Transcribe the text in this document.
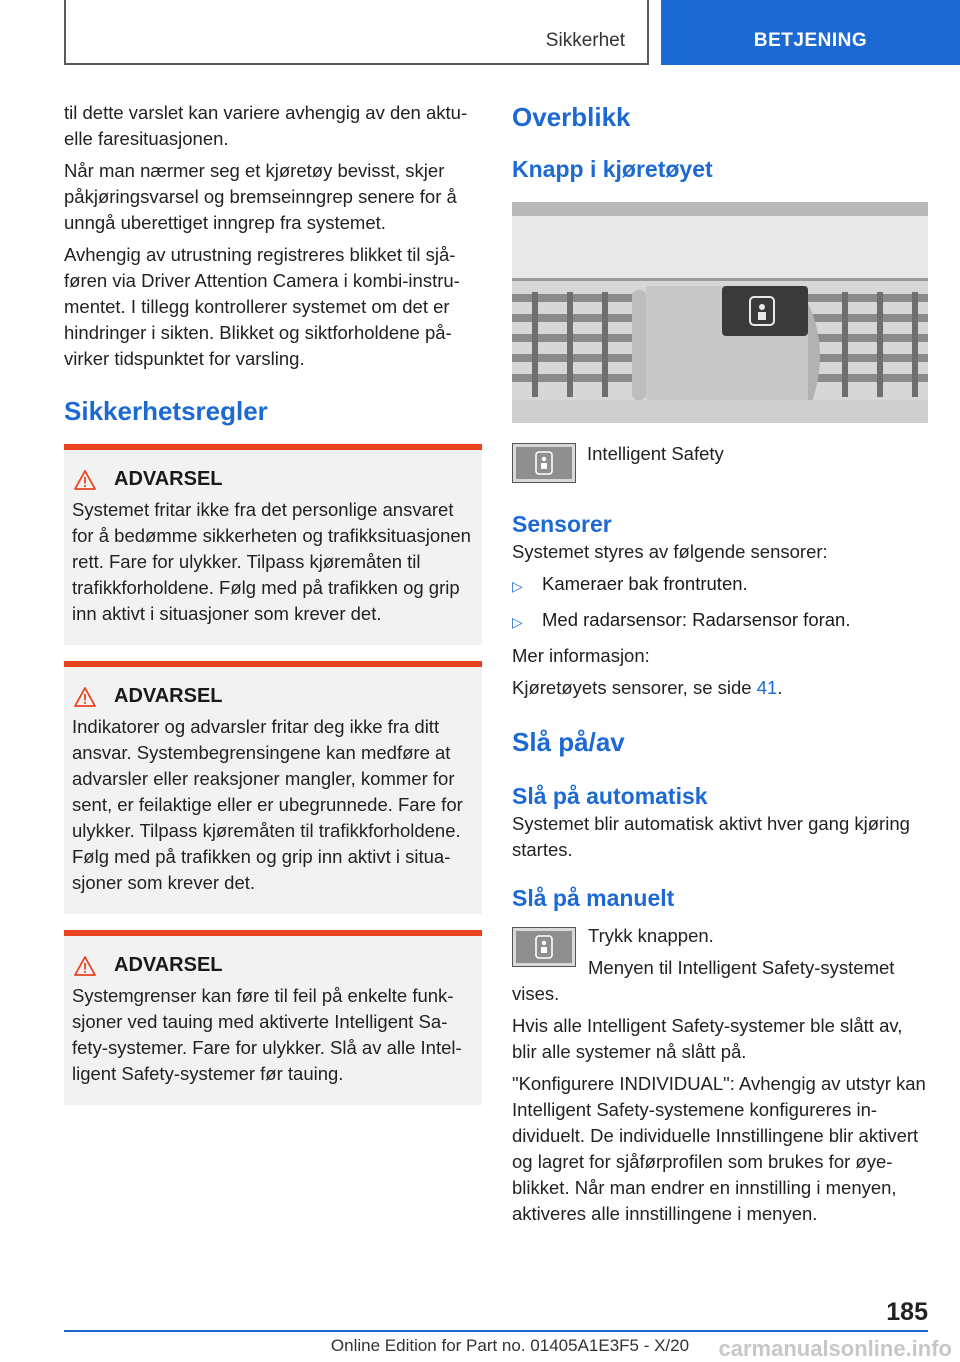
Sikkerhet	BETJENING

til dette varslet kan variere avhengig av den aktuelle faresituasjonen.

Når man nærmer seg et kjøretøy bevisst, skjer påkjøringsvarsel og bremseinngrep senere for å unngå uberettiget inngrep fra systemet.

Avhengig av utrustning registreres blikket til sjåføren via Driver Attention Camera i kombi-instrumentet. I tillegg kontrollerer systemet om det er hindringer i sikten. Blikket og siktforholdene påvirker tidspunktet for varsling.

Sikkerhetsregler
ADVARSEL

Systemet fritar ikke fra det personlige ansvaret for å bedømme sikkerheten og trafikksituasjonen rett. Fare for ulykker. Tilpass kjøremåten til trafikkforholdene. Følg med på trafikken og grip inn aktivt i situasjoner som krever det.

ADVARSEL

Indikatorer og advarsler fritar deg ikke fra ditt ansvar. Systembegrensingene kan medføre at advarsler eller reaksjoner mangler, kommer for sent, er feilaktige eller er ubegrunnede. Fare for ulykker. Tilpass kjøremåten til trafikkforholdene. Følg med på trafikken og grip inn aktivt i situasjoner som krever det.

ADVARSEL

Systemgrenser kan føre til feil på enkelte funksjoner ved tauing med aktiverte Intelligent Safety-systemer. Fare for ulykker. Slå av alle Intelligent Safety-systemer før tauing.

Overblikk
Knapp i kjøretøyet

Intelligent Safety

Sensorer

Systemet styres av følgende sensorer:

▷	Kameraer bak frontruten.
▷	Med radarsensor: Radarsensor foran.

Mer informasjon:

Kjøretøyets sensorer, se side 41.

Slå på/av
Slå på automatisk

Systemet blir automatisk aktivt hver gang kjøring startes.

Slå på manuelt

Trykk knappen.

Menyen til Intelligent Safety-systemet vises.

Hvis alle Intelligent Safety-systemer ble slått av, blir alle systemer nå slått på.

"Konfigurere INDIVIDUAL": Avhengig av utstyr kan Intelligent Safety-systemene konfigureres individuelt. De individuelle Innstillingene blir aktivert og lagret for sjåførprofilen som brukes for øyeblikket. Når man endrer en innstilling i menyen, aktiveres alle innstillingene i menyen.

185
Online Edition for Part no. 01405A1E3F5 - X/20	carmanualsonline.info
